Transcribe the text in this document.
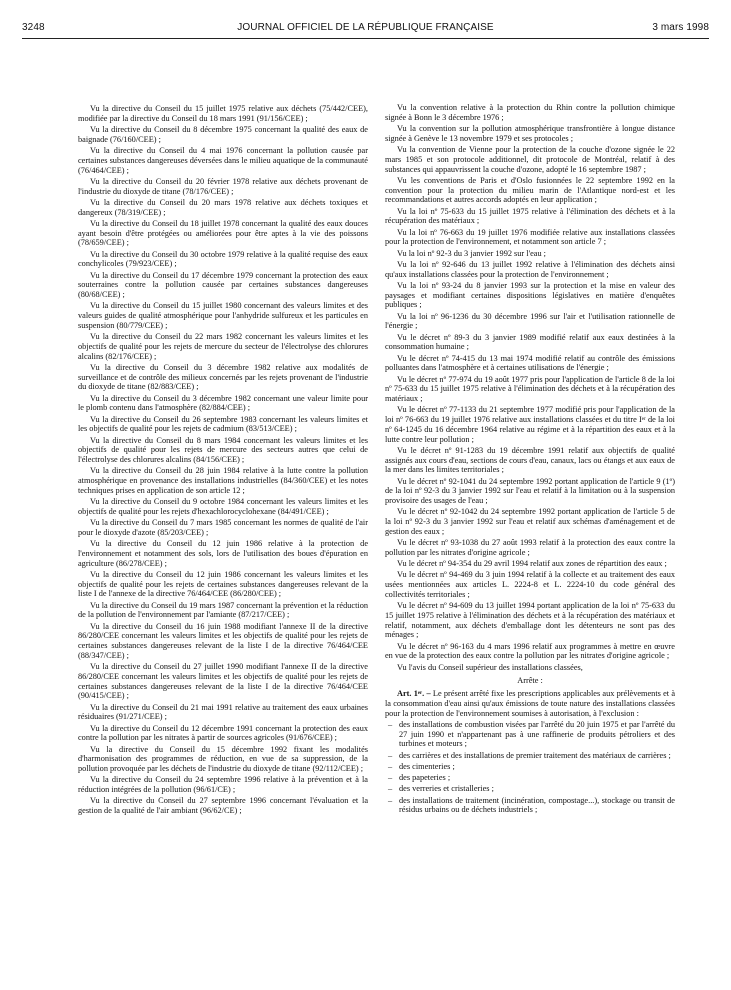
3248	JOURNAL OFFICIEL DE LA RÉPUBLIQUE FRANÇAISE	3 mars 1998

Vu la directive du Conseil du 15 juillet 1975 relative aux déchets (75/442/CEE), modifiée par la directive du Conseil du 18 mars 1991 (91/156/CEE) ;

Vu la directive du Conseil du 8 décembre 1975 concernant la qualité des eaux de baignade (76/160/CEE) ;

Vu la directive du Conseil du 4 mai 1976 concernant la pollution causée par certaines substances dangereuses déversées dans le milieu aquatique de la communauté (76/464/CEE) ;

Vu la directive du Conseil du 20 février 1978 relative aux déchets provenant de l'industrie du dioxyde de titane (78/176/CEE) ;

Vu la directive du Conseil du 20 mars 1978 relative aux déchets toxiques et dangereux (78/319/CEE) ;

Vu la directive du Conseil du 18 juillet 1978 concernant la qualité des eaux douces ayant besoin d'être protégées ou améliorées pour être aptes à la vie des poissons (78/659/CEE) ;

Vu la directive du Conseil du 30 octobre 1979 relative à la qualité requise des eaux conchylicoles (79/923/CEE) ;

Vu la directive du Conseil du 17 décembre 1979 concernant la protection des eaux souterraines contre la pollution causée par certaines substances dangereuses (80/68/CEE) ;

Vu la directive du Conseil du 15 juillet 1980 concernant des valeurs limites et des valeurs guides de qualité atmosphérique pour l'anhydride sulfureux et les particules en suspension (80/779/CEE) ;

Vu la directive du Conseil du 22 mars 1982 concernant les valeurs limites et les objectifs de qualité pour les rejets de mercure du secteur de l'électrolyse des chlorures alcalins (82/176/CEE) ;

Vu la directive du Conseil du 3 décembre 1982 relative aux modalités de surveillance et de contrôle des milieux concernés par les rejets provenant de l'industrie du dioxyde de titane (82/883/CEE) ;

Vu la directive du Conseil du 3 décembre 1982 concernant une valeur limite pour le plomb contenu dans l'atmosphère (82/884/CEE) ;

Vu la directive du Conseil du 26 septembre 1983 concernant les valeurs limites et les objectifs de qualité pour les rejets de cadmium (83/513/CEE) ;

Vu la directive du Conseil du 8 mars 1984 concernant les valeurs limites et les objectifs de qualité pour les rejets de mercure des secteurs autres que celui de l'électrolyse des chlorures alcalins (84/156/CEE) ;

Vu la directive du Conseil du 28 juin 1984 relative à la lutte contre la pollution atmosphérique en provenance des installations industrielles (84/360/CEE) et les notes techniques prises en application de son article 12 ;

Vu la directive du Conseil du 9 octobre 1984 concernant les valeurs limites et les objectifs de qualité pour les rejets d'hexachlorocyclohexane (84/491/CEE) ;

Vu la directive du Conseil du 7 mars 1985 concernant les normes de qualité de l'air pour le dioxyde d'azote (85/203/CEE) ;

Vu la directive du Conseil du 12 juin 1986 relative à la protection de l'environnement et notamment des sols, lors de l'utilisation des boues d'épuration en agriculture (86/278/CEE) ;

Vu la directive du Conseil du 12 juin 1986 concernant les valeurs limites et les objectifs de qualité pour les rejets de certaines substances dangereuses relevant de la liste I de l'annexe de la directive 76/464/CEE (86/280/CEE) ;

Vu la directive du Conseil du 19 mars 1987 concernant la prévention et la réduction de la pollution de l'environnement par l'amiante (87/217/CEE) ;

Vu la directive du Conseil du 16 juin 1988 modifiant l'annexe II de la directive 86/280/CEE concernant les valeurs limites et les objectifs de qualité pour les rejets de certaines substances dangereuses relevant de la liste I de la directive 76/464/CEE (88/347/CEE) ;

Vu la directive du Conseil du 27 juillet 1990 modifiant l'annexe II de la directive 86/280/CEE concernant les valeurs limites et les objectifs de qualité pour les rejets de certaines substances dangereuses relevant de la liste I de la directive 76/464/CEE (90/415/CEE) ;

Vu la directive du Conseil du 21 mai 1991 relative au traitement des eaux urbaines résiduaires (91/271/CEE) ;

Vu la directive du Conseil du 12 décembre 1991 concernant la protection des eaux contre la pollution par les nitrates à partir de sources agricoles (91/676/CEE) ;

Vu la directive du Conseil du 15 décembre 1992 fixant les modalités d'harmonisation des programmes de réduction, en vue de sa suppression, de la pollution provoquée par les déchets de l'industrie du dioxyde de titane (92/112/CEE) ;

Vu la directive du Conseil du 24 septembre 1996 relative à la prévention et à la réduction intégrées de la pollution (96/61/CE) ;

Vu la directive du Conseil du 27 septembre 1996 concernant l'évaluation et la gestion de la qualité de l'air ambiant (96/62/CE) ;

Vu la convention relative à la protection du Rhin contre la pollution chimique signée à Bonn le 3 décembre 1976 ;

Vu la convention sur la pollution atmosphérique transfrontière à longue distance signée à Genève le 13 novembre 1979 et ses protocoles ;

Vu la convention de Vienne pour la protection de la couche d'ozone signée le 22 mars 1985 et son protocole additionnel, dit protocole de Montréal, relatif à des substances qui appauvrissent la couche d'ozone, adopté le 16 septembre 1987 ;

Vu les conventions de Paris et d'Oslo fusionnées le 22 septembre 1992 en la convention pour la protection du milieu marin de l'Atlantique nord-est et les recommandations et autres accords adoptés en leur application ;

Vu la loi nº 75-633 du 15 juillet 1975 relative à l'élimination des déchets et à la récupération des matériaux ;

Vu la loi nº 76-663 du 19 juillet 1976 modifiée relative aux installations classées pour la protection de l'environnement, et notamment son article 7 ;

Vu la loi nº 92-3 du 3 janvier 1992 sur l'eau ;

Vu la loi nº 92-646 du 13 juillet 1992 relative à l'élimination des déchets ainsi qu'aux installations classées pour la protection de l'environnement ;

Vu la loi nº 93-24 du 8 janvier 1993 sur la protection et la mise en valeur des paysages et modifiant certaines dispositions législatives en matière d'enquêtes publiques ;

Vu la loi nº 96-1236 du 30 décembre 1996 sur l'air et l'utilisation rationnelle de l'énergie ;

Vu le décret nº 89-3 du 3 janvier 1989 modifié relatif aux eaux destinées à la consommation humaine ;

Vu le décret nº 74-415 du 13 mai 1974 modifié relatif au contrôle des émissions polluantes dans l'atmosphère et à certaines utilisations de l'énergie ;

Vu le décret nº 77-974 du 19 août 1977 pris pour l'application de l'article 8 de la loi nº 75-633 du 15 juillet 1975 relative à l'élimination des déchets et à la récupération des matériaux ;

Vu le décret nº 77-1133 du 21 septembre 1977 modifié pris pour l'application de la loi nº 76-663 du 19 juillet 1976 relative aux installations classées et du titre Iᵉʳ de la loi nº 64-1245 du 16 décembre 1964 relative au régime et à la répartition des eaux et à la lutte contre leur pollution ;

Vu le décret nº 91-1283 du 19 décembre 1991 relatif aux objectifs de qualité assignés aux cours d'eau, sections de cours d'eau, canaux, lacs ou étangs et aux eaux de la mer dans les limites territoriales ;

Vu le décret nº 92-1041 du 24 septembre 1992 portant application de l'article 9 (1º) de la loi nº 92-3 du 3 janvier 1992 sur l'eau et relatif à la limitation ou à la suspension provisoire des usages de l'eau ;

Vu le décret nº 92-1042 du 24 septembre 1992 portant application de l'article 5 de la loi nº 92-3 du 3 janvier 1992 sur l'eau et relatif aux schémas d'aménagement et de gestion des eaux ;

Vu le décret nº 93-1038 du 27 août 1993 relatif à la protection des eaux contre la pollution par les nitrates d'origine agricole ;

Vu le décret nº 94-354 du 29 avril 1994 relatif aux zones de répartition des eaux ;

Vu le décret nº 94-469 du 3 juin 1994 relatif à la collecte et au traitement des eaux usées mentionnées aux articles L. 2224-8 et L. 2224-10 du code général des collectivités territoriales ;

Vu le décret nº 94-609 du 13 juillet 1994 portant application de la loi nº 75-633 du 15 juillet 1975 relative à l'élimination des déchets et à la récupération des matériaux et relatif, notamment, aux déchets d'emballage dont les détenteurs ne sont pas des ménages ;

Vu le décret nº 96-163 du 4 mars 1996 relatif aux programmes à mettre en œuvre en vue de la protection des eaux contre la pollution par les nitrates d'origine agricole ;

Vu l'avis du Conseil supérieur des installations classées,

Arrête :

Art. 1ᵉʳ. – Le présent arrêté fixe les prescriptions applicables aux prélèvements et à la consommation d'eau ainsi qu'aux émissions de toute nature des installations classées pour la protection de l'environnement soumises à autorisation, à l'exclusion :

– des installations de combustion visées par l'arrêté du 20 juin 1975 et par l'arrêté du 27 juin 1990 et n'appartenant pas à une raffinerie de produits pétroliers et des turbines et moteurs ;
– des carrières et des installations de premier traitement des matériaux de carrières ;
– des cimenteries ;
– des papeteries ;
– des verreries et cristalleries ;
– des installations de traitement (incinération, compostage...), stockage ou transit de résidus urbains ou de déchets industriels ;
